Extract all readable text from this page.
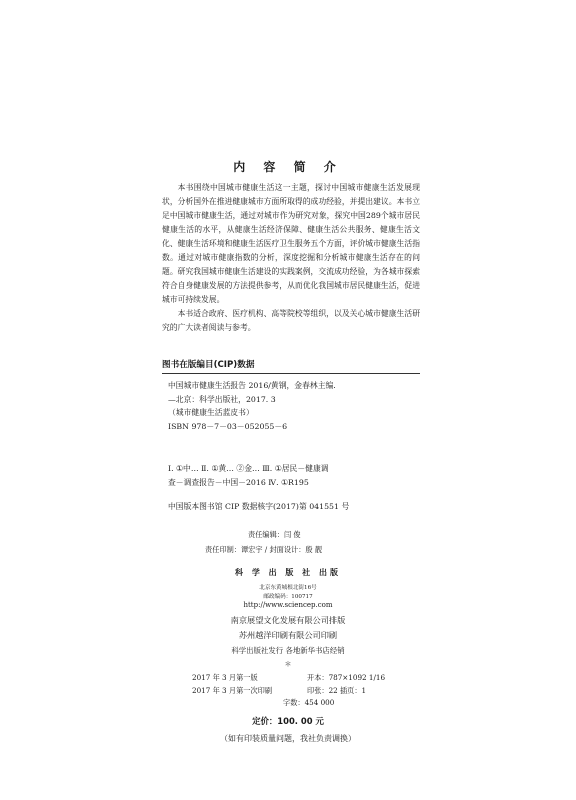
内 容 简 介

本书围绕中国城市健康生活这一主题，探讨中国城市健康生活发展现状，分析国外在推进健康城市方面所取得的成功经验，并提出建议。本书立足中国城市健康生活，通过对城市作为研究对象，探究中国289个城市居民健康生活的水平，从健康生活经济保障、健康生活公共服务、健康生活文化、健康生活环境和健康生活医疗卫生服务五个方面，评价城市健康生活指数。通过对城市健康指数的分析，深度挖掘和分析城市健康生活存在的问题。研究我国城市健康生活建设的实践案例，交流成功经验，为各城市探索符合自身健康发展的方法提供参考，从而优化我国城市居民健康生活，促进城市可持续发展。

本书适合政府、医疗机构、高等院校等组织，以及关心城市健康生活研究的广大读者阅读与参考。

图书在版编目(CIP)数据
中国城市健康生活报告 2016/黄钢，金春林主编.
—北京：科学出版社，2017. 3
（城市健康生活蓝皮书）
ISBN 978－7－03－052055－6
Ⅰ. ①中… Ⅱ. ①黄… ②金… Ⅲ. ①居民－健康调
查－调查报告－中国－2016 Ⅳ. ①R195
中国版本图书馆 CIP 数据核字(2017)第 041551 号
责任编辑：闫 俊
责任印制：谭宏宇 / 封面设计：殷 靓
科 学 出 版 社 出版
北京东黄城根北街16号
邮政编码：100717
http://www.sciencep.com
南京展望文化发展有限公司排版
苏州越洋印刷有限公司印刷
科学出版社发行 各地新华书店经销
＊
2017 年 3 月第一版	开本：787×1092 1/16
2017 年 3 月第一次印刷	印张：22 插页：1
字数：454 000
定价：100. 00 元
（如有印装质量问题，我社负责调换）
